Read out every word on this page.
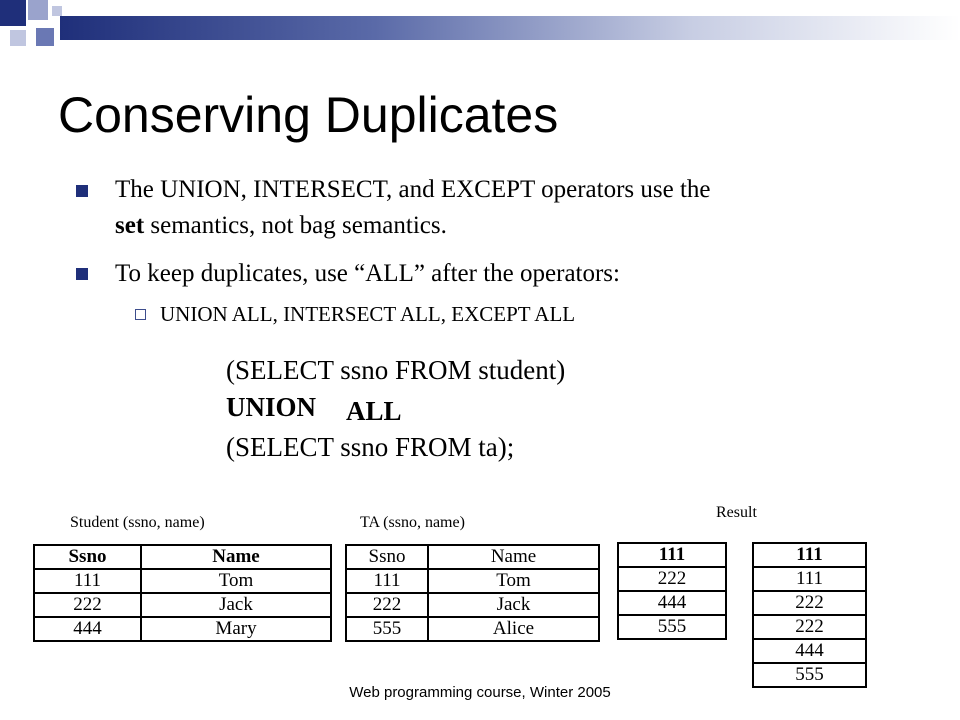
Conserving Duplicates
The UNION, INTERSECT, and EXCEPT operators use the
set semantics, not bag semantics.
To keep duplicates, use “ALL” after the operators:
UNION ALL, INTERSECT ALL, EXCEPT ALL
(SELECT ssno FROM student)
UNION ALL
(SELECT ssno FROM ta);
Student (ssno, name)	TA (ssno, name)
Result
Ssno	Name
111	Tom
222	Jack
444	Mary
Ssno	Name
111	Tom
222	Jack
555	Alice
111
222
444
555
111
111
222
222
444
555
Web programming course, Winter 2005
